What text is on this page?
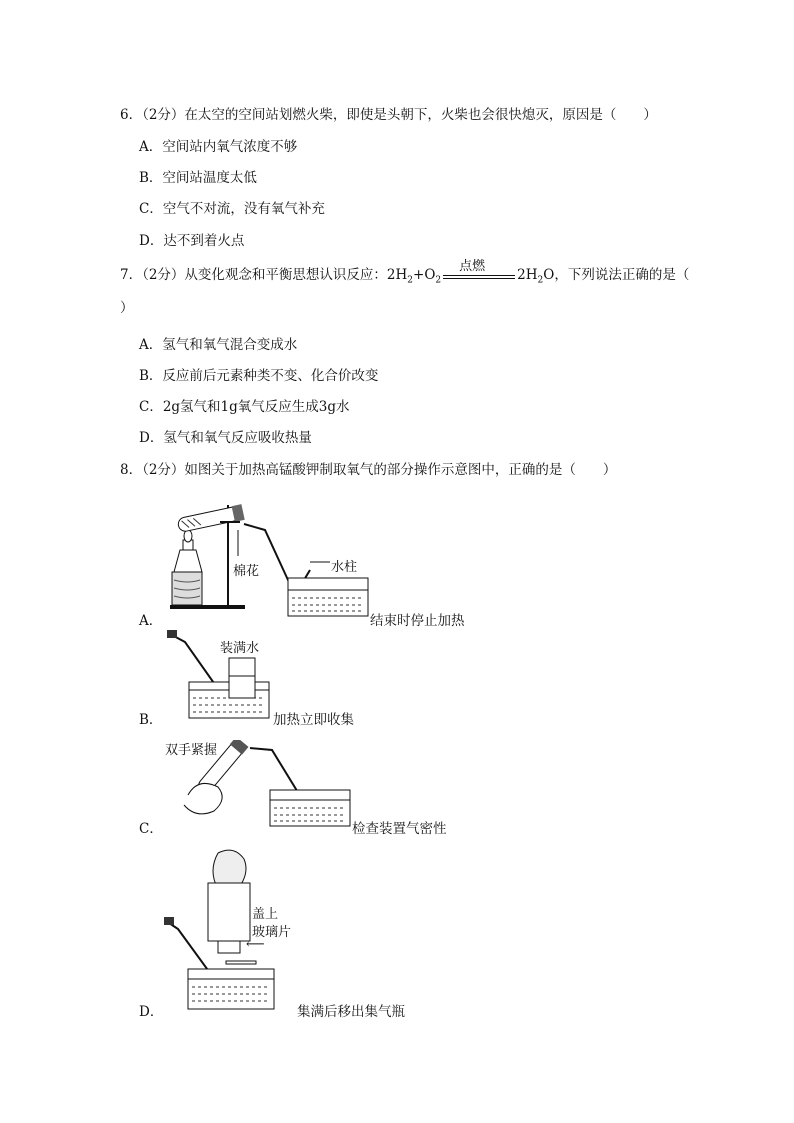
6．（2分）在太空的空间站划燃火柴，即使是头朝下，火柴也会很快熄灭，原因是（　　）
A．空间站内氧气浓度不够
B．空间站温度太低
C．空气不对流，没有氧气补充
D．达不到着火点
7．（2分）从变化观念和平衡思想认识反应：$2H_2+O_2$
点燃
$2H_2O$，下列说法正确的是（
）
A．氢气和氧气混合变成水
B．反应前后元素种类不变、化合价改变
C．2g氢气和1g氧气反应生成3g水
D．氢气和氧气反应吸收热量
8．（2分）如图关于加热高锰酸钾制取氧气的部分操作示意图中，正确的是（　　）
A．
棉花	水柱
结束时停止加热
B．
装满水
加热立即收集
C．
双手紧握
检查装置气密性
D．
盖上
玻璃片
⟵
集满后移出集气瓶
